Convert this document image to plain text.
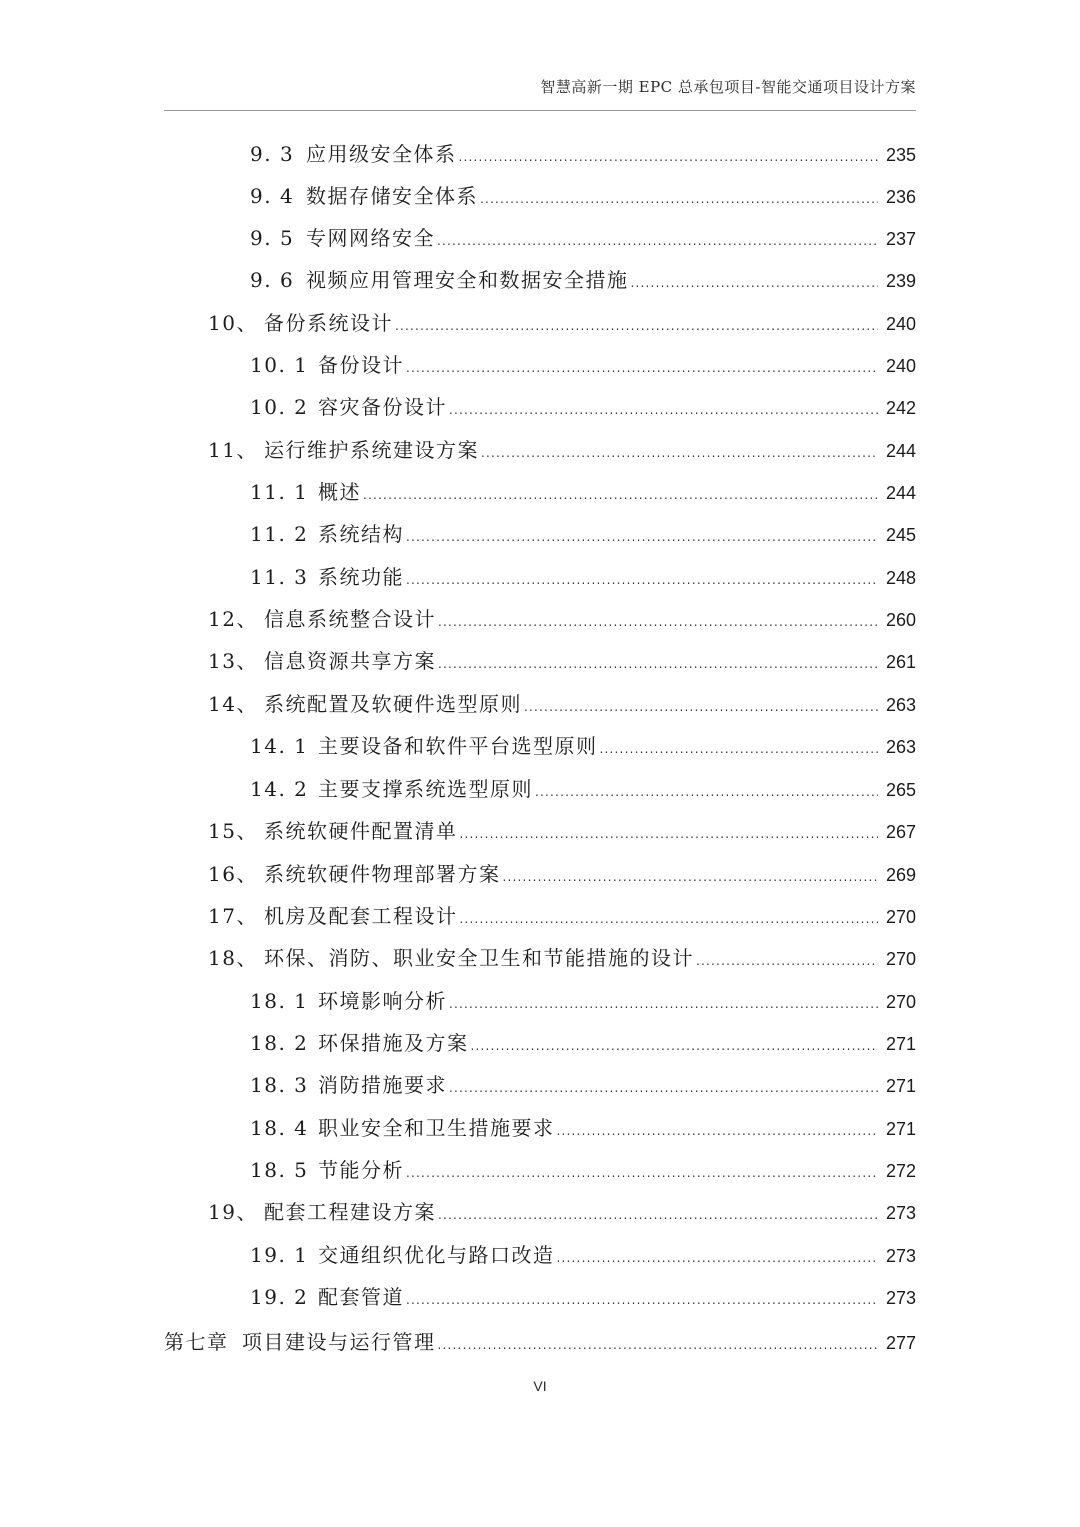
智慧高新一期 EPC 总承包项目-智能交通项目设计方案
9. 3 应用级安全体系 .....	235
9. 4 数据存储安全体系 .....	236
9. 5 专网网络安全 .....	237
9. 6 视频应用管理安全和数据安全措施 .....	239
10、 备份系统设计 .....	240
10. 1 备份设计 .....	240
10. 2 容灾备份设计 .....	242
11、 运行维护系统建设方案 .....	244
11. 1 概述 .....	244
11. 2 系统结构 .....	245
11. 3 系统功能 .....	248
12、 信息系统整合设计 .....	260
13、 信息资源共享方案 .....	261
14、 系统配置及软硬件选型原则 .....	263
14. 1 主要设备和软件平台选型原则 .....	263
14. 2 主要支撑系统选型原则 .....	265
15、 系统软硬件配置清单 .....	267
16、 系统软硬件物理部署方案 .....	269
17、 机房及配套工程设计 .....	270
18、 环保、消防、职业安全卫生和节能措施的设计 .....	270
18. 1 环境影响分析 .....	270
18. 2 环保措施及方案 .....	271
18. 3 消防措施要求 .....	271
18. 4 职业安全和卫生措施要求 .....	271
18. 5 节能分析 .....	272
19、 配套工程建设方案 .....	273
19. 1 交通组织优化与路口改造 .....	273
19. 2 配套管道 .....	273
第七章 项目建设与运行管理 .....	277
VI
